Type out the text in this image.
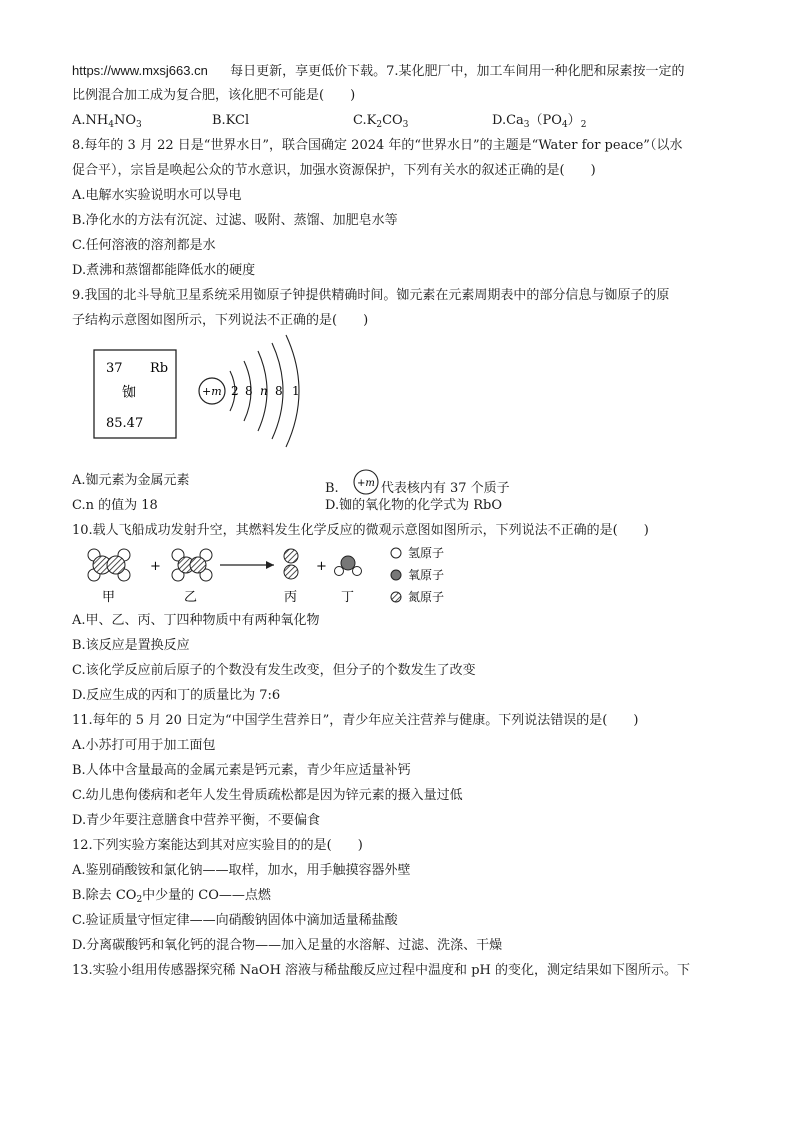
https://www.mxsj663.cn 每日更新，享更低价下载。7.某化肥厂中，加工车间用一种化肥和尿素按一定的
比例混合加工成为复合肥，该化肥不可能是(　　)
A.NH4NO3	B.KCl	C.K2CO3	D.Ca3（PO4）2
8.每年的 3 月 22 日是“世界水日”，联合国确定 2024 年的“世界水日”的主题是“Water for peace”（以水
促合平），宗旨是唤起公众的节水意识，加强水资源保护，下列有关水的叙述正确的是(　　)
A.电解水实验说明水可以导电
B.净化水的方法有沉淀、过滤、吸附、蒸馏、加肥皂水等
C.任何溶液的溶剂都是水
D.煮沸和蒸馏都能降低水的硬度
9.我国的北斗导航卫星系统采用铷原子钟提供精确时间。铷元素在元素周期表中的部分信息与铷原子的原
子结构示意图如图所示，下列说法不正确的是(　　)
37 Rb
铷
85.47
+m 2 8 n 8 1
A.铷元素为金属元素
B. +m 代表核内有 37 个质子
C.n 的值为 18	D.铷的氧化物的化学式为 RbO
10.载人飞船成功发射升空，其燃料发生化学反应的微观示意图如图所示，下列说法不正确的是(　　)
甲
+
乙	丙
+
丁
氢原子
氧原子
氮原子
A.甲、乙、丙、丁四种物质中有两种氧化物
B.该反应是置换反应
C.该化学反应前后原子的个数没有发生改变，但分子的个数发生了改变
D.反应生成的丙和丁的质量比为 7:6
11.每年的 5 月 20 日定为“中国学生营养日”，青少年应关注营养与健康。下列说法错误的是(　　)
A.小苏打可用于加工面包
B.人体中含量最高的金属元素是钙元素，青少年应适量补钙
C.幼儿患佝偻病和老年人发生骨质疏松都是因为锌元素的摄入量过低
D.青少年要注意膳食中营养平衡，不要偏食
12.下列实验方案能达到其对应实验目的的是(　　)
A.鉴别硝酸铵和氯化钠——取样，加水，用手触摸容器外壁
B.除去 $CO_2$中少量的 CO——点燃
C.验证质量守恒定律——向硝酸钠固体中滴加适量稀盐酸
D.分离碳酸钙和氧化钙的混合物——加入足量的水溶解、过滤、洗涤、干燥
13.实验小组用传感器探究稀 NaOH 溶液与稀盐酸反应过程中温度和 pH 的变化，测定结果如下图所示。下
